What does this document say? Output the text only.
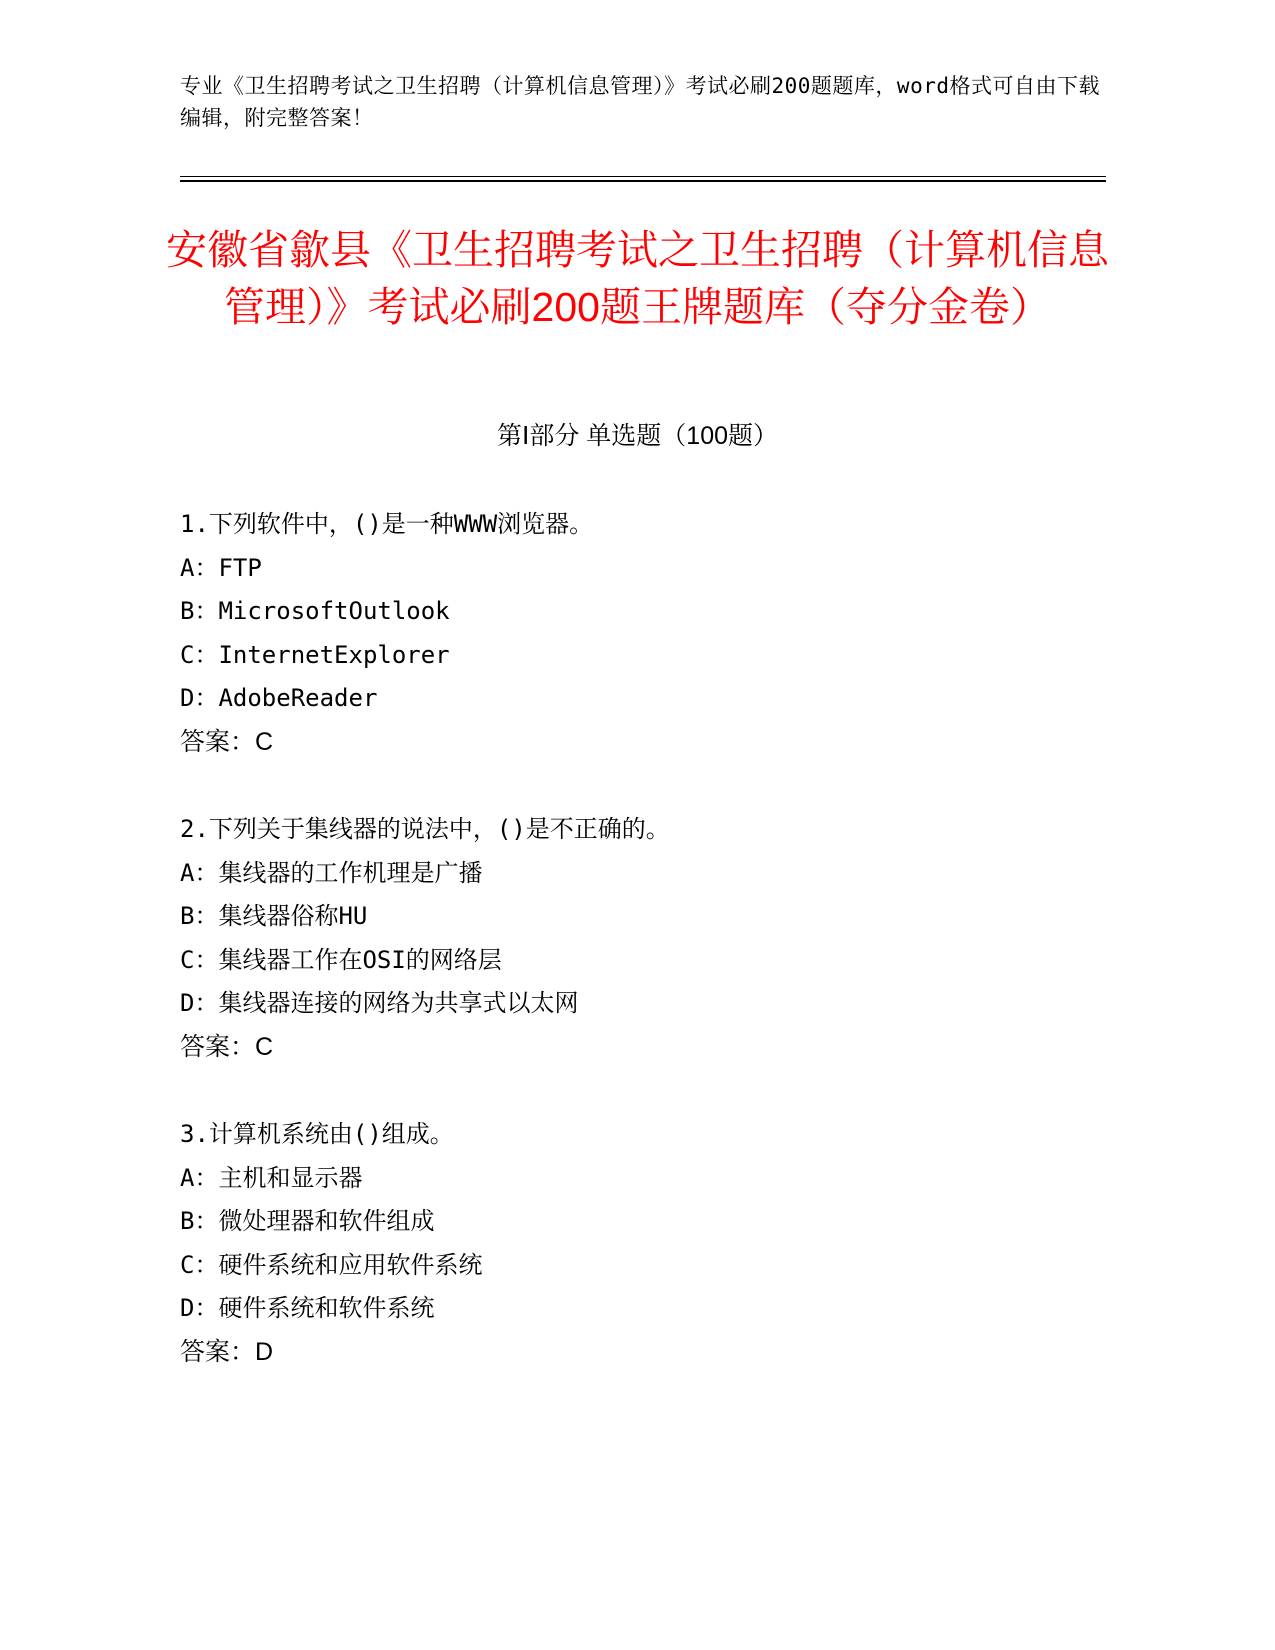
专业《卫生招聘考试之卫生招聘（计算机信息管理）》考试必刷200题题库，word格式可自由下载编辑，附完整答案！
安徽省歙县《卫生招聘考试之卫生招聘（计算机信息管理）》考试必刷200题王牌题库（夺分金卷）
第Ⅰ部分 单选题（100题）
1.下列软件中，()是一种WWW浏览器。
A：FTP
B：MicrosoftOutlook
C：InternetExplorer
D：AdobeReader
答案：C
2.下列关于集线器的说法中，()是不正确的。
A：集线器的工作机理是广播
B：集线器俗称HU
C：集线器工作在OSI的网络层
D：集线器连接的网络为共享式以太网
答案：C
3.计算机系统由()组成。
A：主机和显示器
B：微处理器和软件组成
C：硬件系统和应用软件系统
D：硬件系统和软件系统
答案：D
